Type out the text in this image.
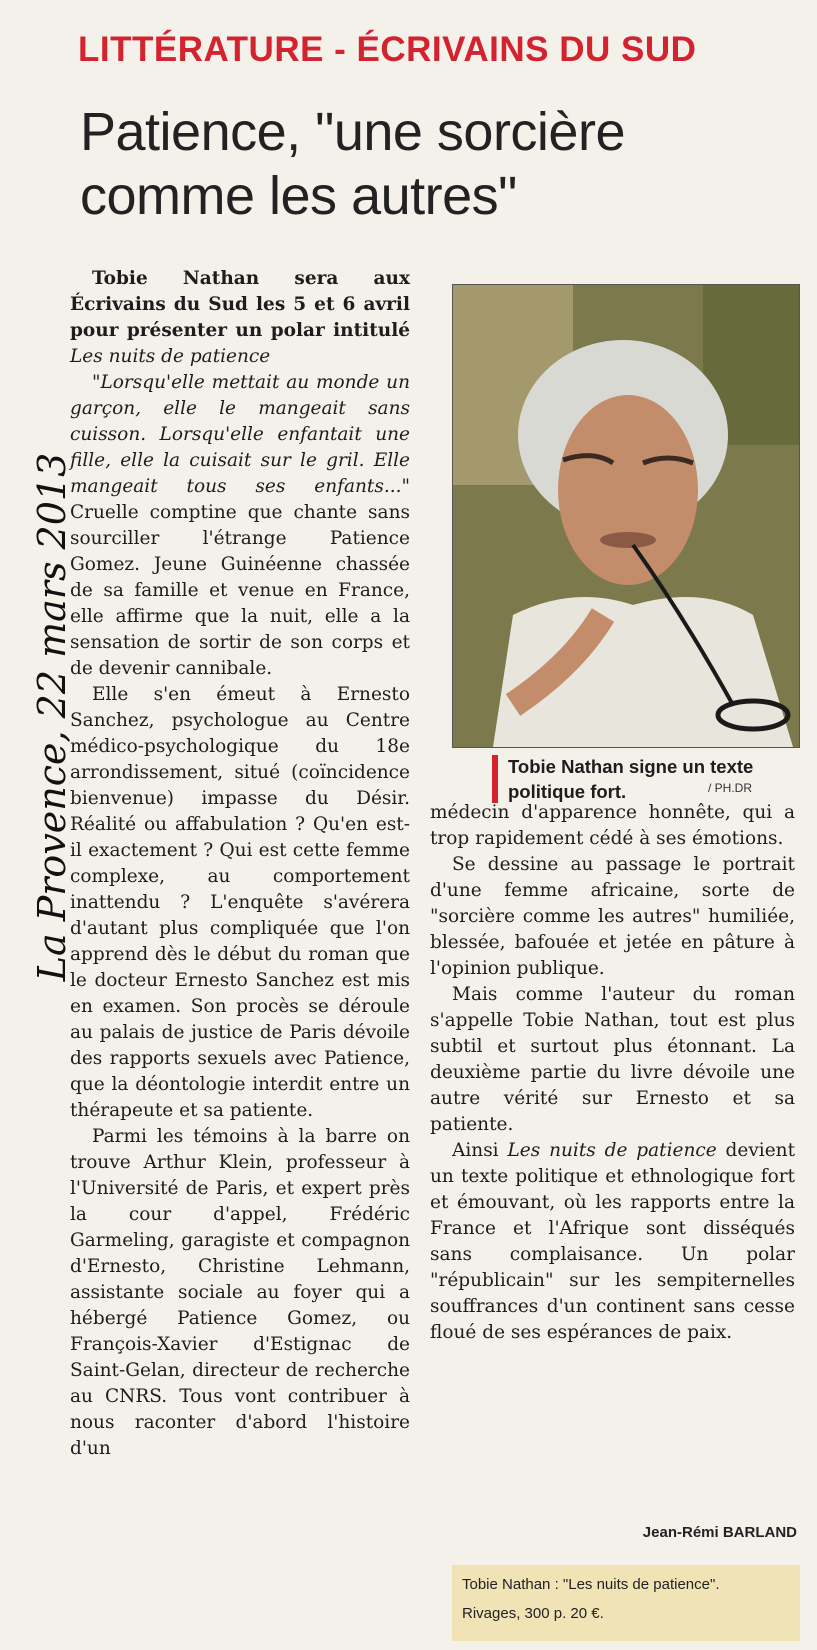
LITTÉRATURE - ÉCRIVAINS DU SUD
Patience, "une sorcière
comme les autres"
La Provence, 22 mars 2013

Tobie Nathan sera aux Écrivains du Sud les 5 et 6 avril pour présenter un polar intitulé Les nuits de patience

"Lorsqu'elle mettait au monde un garçon, elle le mangeait sans cuisson. Lorsqu'elle enfantait une fille, elle la cuisait sur le gril. Elle mangeait tous ses enfants..." Cruelle comptine que chante sans sourciller l'étrange Patience Gomez. Jeune Guinéenne chassée de sa famille et venue en France, elle affirme que la nuit, elle a la sensation de sortir de son corps et de devenir cannibale.

Elle s'en émeut à Ernesto Sanchez, psychologue au Centre médico-psychologique du 18e arrondissement, situé (coïncidence bienvenue) impasse du Désir. Réalité ou affabulation ? Qu'en est-il exactement ? Qui est cette femme complexe, au comportement inattendu ? L'enquête s'avérera d'autant plus compliquée que l'on apprend dès le début du roman que le docteur Ernesto Sanchez est mis en examen. Son procès se déroule au palais de justice de Paris dévoile des rapports sexuels avec Patience, que la déontologie interdit entre un thérapeute et sa patiente.

Parmi les témoins à la barre on trouve Arthur Klein, professeur à l'Université de Paris, et expert près la cour d'appel, Frédéric Garmeling, garagiste et compagnon d'Ernesto, Christine Lehmann, assistante sociale au foyer qui a hébergé Patience Gomez, ou François-Xavier d'Estignac de Saint-Gelan, directeur de recherche au CNRS. Tous vont contribuer à nous raconter d'abord l'histoire d'un

Tobie Nathan signe un texte politique fort.	/ PH.DR

médecin d'apparence honnête, qui a trop rapidement cédé à ses émotions.

Se dessine au passage le portrait d'une femme africaine, sorte de "sorcière comme les autres" humiliée, blessée, bafouée et jetée en pâture à l'opinion publique.

Mais comme l'auteur du roman s'appelle Tobie Nathan, tout est plus subtil et surtout plus étonnant. La deuxième partie du livre dévoile une autre vérité sur Ernesto et sa patiente.

Ainsi Les nuits de patience devient un texte politique et ethnologique fort et émouvant, où les rapports entre la France et l'Afrique sont disséqués sans complaisance. Un polar "républicain" sur les sempiternelles souffrances d'un continent sans cesse floué de ses espérances de paix.

Jean-Rémi BARLAND
Tobie Nathan : "Les nuits de patience".
Rivages, 300 p. 20 €.
